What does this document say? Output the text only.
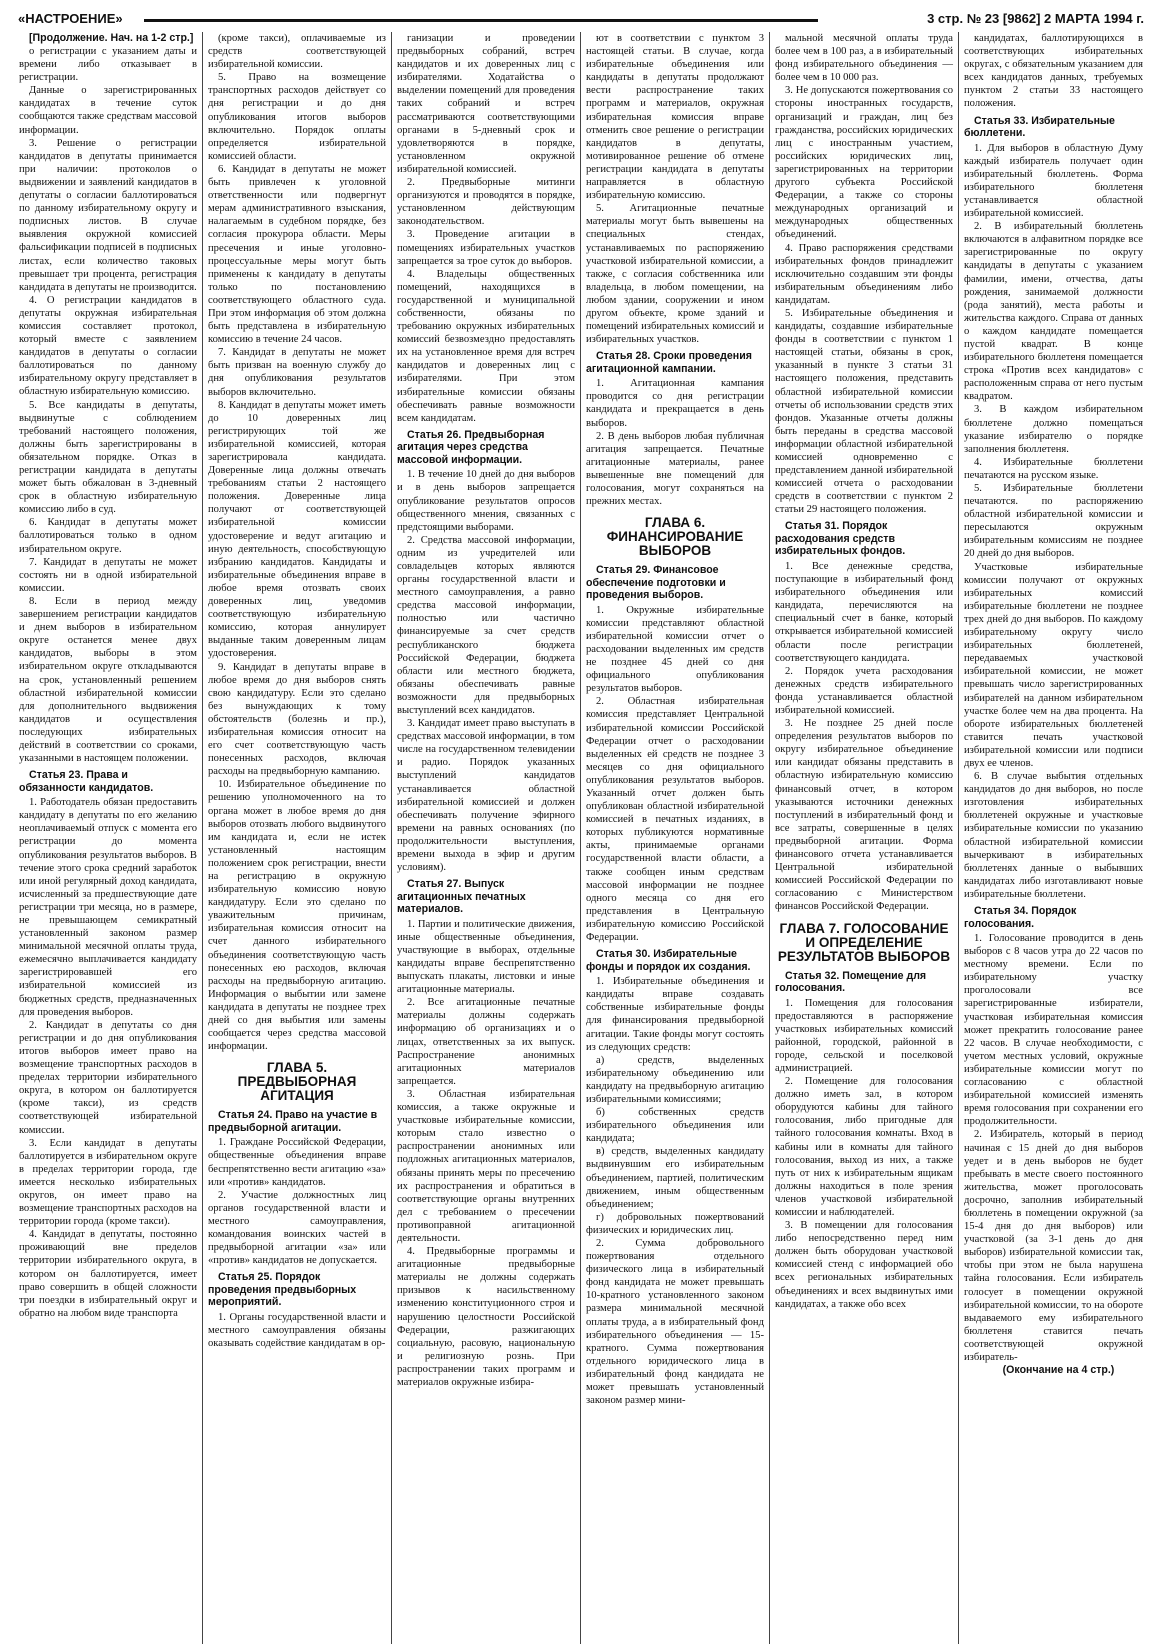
«НАСТРОЕНИЕ»	3 стр. № 23 [9862] 2 МАРТА 1994 г.

[Продолжение. Нач. на 1-2 стр.]

о регистрации с указанием даты и времени либо отказывает в регистрации.

Данные о зарегистрированных кандидатах в течение суток сообщаются также средствам массовой информации.

3. Решение о регистрации кандидатов в депутаты принимается при наличии: протоколов о выдвижении и заявлений кандидатов в депутаты о согласии баллотироваться по данному избирательному округу и подписных листов. В случае выявления окружной комиссией фальсификации подписей в подписных листах, если количество таковых превышает три процента, регистрация кандидата в депутаты не производится.

4. О регистрации кандидатов в депутаты окружная избирательная комиссия составляет протокол, который вместе с заявлением кандидатов в депутаты о согласии баллотироваться по данному избирательному округу представляет в областную избирательную комиссию.

5. Все кандидаты в депутаты, выдвинутые с соблюдением требований настоящего положения, должны быть зарегистрированы в обязательном порядке. Отказ в регистрации кандидата в депутаты может быть обжалован в 3-дневный срок в областную избирательную комиссию либо в суд.

6. Кандидат в депутаты может баллотироваться только в одном избирательном округе.

7. Кандидат в депутаты не может состоять ни в одной избирательной комиссии.

8. Если в период между завершением регистрации кандидатов и днем выборов в избирательном округе останется менее двух кандидатов, выборы в этом избирательном округе откладываются на срок, установленный решением областной избирательной комиссии для дополнительного выдвижения кандидатов и осуществления последующих избирательных действий в соответствии со сроками, указанными в настоящем положении.

Статья 23. Права и обязанности кандидатов.

1. Работодатель обязан предоставить кандидату в депутаты по его желанию неоплачиваемый отпуск с момента его регистрации до момента опубликования результатов выборов. В течение этого срока средний заработок или иной регулярный доход кандидата, исчисленный за предшествующие дате регистрации три месяца, но в размере, не превышающем семикратный установленный законом размер минимальной месячной оплаты труда, ежемесячно выплачивается кандидату зарегистрировавшей его избирательной комиссией из бюджетных средств, предназначенных для проведения выборов.

2. Кандидат в депутаты со дня регистрации и до дня опубликования итогов выборов имеет право на возмещение транспортных расходов в пределах территории избирательного округа, в котором он баллотируется (кроме такси), из средств соответствующей избирательной комиссии.

3. Если кандидат в депутаты баллотируется в избирательном округе в пределах территории города, где имеется несколько избирательных округов, он имеет право на возмещение транспортных расходов на территории города (кроме такси).

4. Кандидат в депутаты, постоянно проживающий вне пределов территории избирательного округа, в котором он баллотируется, имеет право совершить в общей сложности три поездки в избирательный округ и обратно на любом виде транспорта

(кроме такси), оплачиваемые из средств соответствующей избирательной комиссии.

5. Право на возмещение транспортных расходов действует со дня регистрации и до дня опубликования итогов выборов включительно. Порядок оплаты определяется избирательной комиссией области.

6. Кандидат в депутаты не может быть привлечен к уголовной ответственности или подвергнут мерам административного взыскания, налагаемым в судебном порядке, без согласия прокурора области. Меры пресечения и иные уголовно-процессуальные меры могут быть применены к кандидату в депутаты только по постановлению соответствующего областного суда. При этом информация об этом должна быть представлена в избирательную комиссию в течение 24 часов.

7. Кандидат в депутаты не может быть призван на военную службу до дня опубликования результатов выборов включительно.

8. Кандидат в депутаты может иметь до 10 доверенных лиц регистрирующих той же избирательной комиссией, которая зарегистрировала кандидата. Доверенные лица должны отвечать требованиям статьи 2 настоящего положения. Доверенные лица получают от соответствующей избирательной комиссии удостоверение и ведут агитацию и иную деятельность, способствующую избранию кандидатов. Кандидаты и избирательные объединения вправе в любое время отозвать своих доверенных лиц, уведомив соответствующую избирательную комиссию, которая аннулирует выданные таким доверенным лицам удостоверения.

9. Кандидат в депутаты вправе в любое время до дня выборов снять свою кандидатуру. Если это сделано без вынуждающих к тому обстоятельств (болезнь и пр.), избирательная комиссия относит на его счет соответствующую часть понесенных расходов, включая расходы на предвыборную кампанию.

10. Избирательное объединение по решению уполномоченного на то органа может в любое время до дня выборов отозвать любого выдвинутого им кандидата и, если не истек установленный настоящим положением срок регистрации, внести на регистрацию в окружную избирательную комиссию новую кандидатуру. Если это сделано по уважительным причинам, избирательная комиссия относит на счет данного избирательного объединения соответствующую часть понесенных ею расходов, включая расходы на предвыборную агитацию. Информация о выбытии или замене кандидата в депутаты не позднее трех дней со дня выбытия или замены сообщается через средства массовой информации.

ГЛАВА 5. ПРЕДВЫБОРНАЯ АГИТАЦИЯ
Статья 24. Право на участие в предвыборной агитации.

1. Граждане Российской Федерации, общественные объединения вправе беспрепятственно вести агитацию «за» или «против» кандидатов.

2. Участие должностных лиц органов государственной власти и местного самоуправления, командования воинских частей в предвыборной агитации «за» или «против» кандидатов не допускается.

Статья 25. Порядок проведения предвыборных мероприятий.

1. Органы государственной власти и местного самоуправления обязаны оказывать содействие кандидатам в ор-

ганизации и проведении предвыборных собраний, встреч кандидатов и их доверенных лиц с избирателями. Ходатайства о выделении помещений для проведения таких собраний и встреч рассматриваются соответствующими органами в 5-дневный срок и удовлетворяются в порядке, установленном окружной избирательной комиссией.

2. Предвыборные митинги организуются и проводятся в порядке, установленном действующим законодательством.

3. Проведение агитации в помещениях избирательных участков запрещается за трое суток до выборов.

4. Владельцы общественных помещений, находящихся в государственной и муниципальной собственности, обязаны по требованию окружных избирательных комиссий безвозмездно предоставлять их на установленное время для встреч кандидатов и доверенных лиц с избирателями. При этом избирательные комиссии обязаны обеспечивать равные возможности всем кандидатам.

Статья 26. Предвыборная агитация через средства массовой информации.

1. В течение 10 дней до дня выборов и в день выборов запрещается опубликование результатов опросов общественного мнения, связанных с предстоящими выборами.

2. Средства массовой информации, одним из учредителей или совладельцев которых являются органы государственной власти и местного самоуправления, а равно средства массовой информации, полностью или частично финансируемые за счет средств республиканского бюджета Российской Федерации, бюджета области или местного бюджета, обязаны обеспечивать равные возможности для предвыборных выступлений всех кандидатов.

3. Кандидат имеет право выступать в средствах массовой информации, в том числе на государственном телевидении и радио. Порядок указанных выступлений кандидатов устанавливается областной избирательной комиссией и должен обеспечивать получение эфирного времени на равных основаниях (по продолжительности выступления, времени выхода в эфир и другим условиям).

Статья 27. Выпуск агитационных печатных материалов.

1. Партии и политические движения, иные общественные объединения, участвующие в выборах, отдельные кандидаты вправе беспрепятственно выпускать плакаты, листовки и иные агитационные материалы.

2. Все агитационные печатные материалы должны содержать информацию об организациях и о лицах, ответственных за их выпуск. Распространение анонимных агитационных материалов запрещается.

3. Областная избирательная комиссия, а также окружные и участковые избирательные комиссии, которым стало известно о распространении анонимных или подложных агитационных материалов, обязаны принять меры по пресечению их распространения и обратиться в соответствующие органы внутренних дел с требованием о пресечении противоправной агитационной деятельности.

4. Предвыборные программы и агитационные предвыборные материалы не должны содержать призывов к насильственному изменению конституционного строя и нарушению целостности Российской Федерации, разжигающих социальную, расовую, национальную и религиозную рознь. При распространении таких программ и материалов окружные избира-

ют в соответствии с пунктом 3 настоящей статьи. В случае, когда избирательные объединения или кандидаты в депутаты продолжают вести распространение таких программ и материалов, окружная избирательная комиссия вправе отменить свое решение о регистрации кандидатов в депутаты, мотивированное решение об отмене регистрации кандидата в депутаты направляется в областную избирательную комиссию.

5. Агитационные печатные материалы могут быть вывешены на специальных стендах, устанавливаемых по распоряжению участковой избирательной комиссии, а также, с согласия собственника или владельца, в любом помещении, на любом здании, сооружении и ином другом объекте, кроме зданий и помещений избирательных комиссий и избирательных участков.

Статья 28. Сроки проведения агитационной кампании.

1. Агитационная кампания проводится со дня регистрации кандидата и прекращается в день выборов.

2. В день выборов любая публичная агитация запрещается. Печатные агитационные материалы, ранее вывешенные вне помещений для голосования, могут сохраняться на прежних местах.

ГЛАВА 6. ФИНАНСИРОВАНИЕ ВЫБОРОВ
Статья 29. Финансовое обеспечение подготовки и проведения выборов.

1. Окружные избирательные комиссии представляют областной избирательной комиссии отчет о расходовании выделенных им средств не позднее 45 дней со дня официального опубликования результатов выборов.

2. Областная избирательная комиссия представляет Центральной избирательной комиссии Российской Федерации отчет о расходовании выделенных ей средств не позднее 3 месяцев со дня официального опубликования результатов выборов. Указанный отчет должен быть опубликован областной избирательной комиссией в печатных изданиях, в которых публикуются нормативные акты, принимаемые органами государственной власти области, а также сообщен иным средствам массовой информации не позднее одного месяца со дня его представления в Центральную избирательную комиссию Российской Федерации.

Статья 30. Избирательные фонды и порядок их создания.

1. Избирательные объединения и кандидаты вправе создавать собственные избирательные фонды для финансирования предвыборной агитации. Такие фонды могут состоять из следующих средств:

а) средств, выделенных избирательному объединению или кандидату на предвыборную агитацию избирательными комиссиями;

б) собственных средств избирательного объединения или кандидата;

в) средств, выделенных кандидату выдвинувшим его избирательным объединением, партией, политическим движением, иным общественным объединением;

г) добровольных пожертвований физических и юридических лиц.

2. Сумма добровольного пожертвования отдельного физического лица в избирательный фонд кандидата не может превышать 10-кратного установленного законом размера минимальной месячной оплаты труда, а в избирательный фонд избирательного объединения — 15-кратного. Сумма пожертвования отдельного юридического лица в избирательный фонд кандидата не может превышать установленный законом размер мини-

мальной месячной оплаты труда более чем в 100 раз, а в избирательный фонд избирательного объединения — более чем в 10 000 раз.

3. Не допускаются пожертвования со стороны иностранных государств, организаций и граждан, лиц без гражданства, российских юридических лиц с иностранным участием, российских юридических лиц, зарегистрированных на территории другого субъекта Российской Федерации, а также со стороны международных организаций и международных общественных объединений.

4. Право распоряжения средствами избирательных фондов принадлежит исключительно создавшим эти фонды избирательным объединениям либо кандидатам.

5. Избирательные объединения и кандидаты, создавшие избирательные фонды в соответствии с пунктом 1 настоящей статьи, обязаны в срок, указанный в пункте 3 статьи 31 настоящего положения, представить областной избирательной комиссии отчеты об использовании средств этих фондов. Указанные отчеты должны быть переданы в средства массовой информации областной избирательной комиссией одновременно с представлением данной избирательной комиссией отчета о расходовании средств в соответствии с пунктом 2 статьи 29 настоящего положения.

Статья 31. Порядок расходования средств избирательных фондов.

1. Все денежные средства, поступающие в избирательный фонд избирательного объединения или кандидата, перечисляются на специальный счет в банке, который открывается избирательной комиссией области после регистрации соответствующего кандидата.

2. Порядок учета расходования денежных средств избирательного фонда устанавливается областной избирательной комиссией.

3. Не позднее 25 дней после определения результатов выборов по округу избирательное объединение или кандидат обязаны представить в областную избирательную комиссию финансовый отчет, в котором указываются источники денежных поступлений в избирательный фонд и все затраты, совершенные в целях предвыборной агитации. Форма финансового отчета устанавливается Центральной избирательной комиссией Российской Федерации по согласованию с Министерством финансов Российской Федерации.

ГЛАВА 7. ГОЛОСОВАНИЕ И ОПРЕДЕЛЕНИЕ РЕЗУЛЬТАТОВ ВЫБОРОВ
Статья 32. Помещение для голосования.

1. Помещения для голосования предоставляются в распоряжение участковых избирательных комиссий районной, городской, районной в городе, сельской и поселковой администрацией.

2. Помещение для голосования должно иметь зал, в котором оборудуются кабины для тайного голосования, либо пригодные для тайного голосования комнаты. Вход в кабины или в комнаты для тайного голосования, выход из них, а также путь от них к избирательным ящикам должны находиться в поле зрения членов участковой избирательной комиссии и наблюдателей.

3. В помещении для голосования либо непосредственно перед ним должен быть оборудован участковой комиссией стенд с информацией обо всех региональных избирательных объединениях и всех выдвинутых ими кандидатах, а также обо всех

кандидатах, баллотирующихся в соответствующих избирательных округах, с обязательным указанием для всех кандидатов данных, требуемых пунктом 2 статьи 33 настоящего положения.

Статья 33. Избирательные бюллетени.

1. Для выборов в областную Думу каждый избиратель получает один избирательный бюллетень. Форма избирательного бюллетеня устанавливается областной избирательной комиссией.

2. В избирательный бюллетень включаются в алфавитном порядке все зарегистрированные по округу кандидаты в депутаты с указанием фамилии, имени, отчества, даты рождения, занимаемой должности (рода занятий), места работы и жительства каждого. Справа от данных о каждом кандидате помещается пустой квадрат. В конце избирательного бюллетеня помещается строка «Против всех кандидатов» с расположенным справа от него пустым квадратом.

3. В каждом избирательном бюллетене должно помещаться указание избирателю о порядке заполнения бюллетеня.

4. Избирательные бюллетени печатаются на русском языке.

5. Избирательные бюллетени печатаются. по распоряжению областной избирательной комиссии и пересылаются окружным избирательным комиссиям не позднее 20 дней до дня выборов.

Участковые избирательные комиссии получают от окружных избирательных комиссий избирательные бюллетени не позднее трех дней до дня выборов. По каждому избирательному округу число избирательных бюллетеней, передаваемых участковой избирательной комиссии, не может превышать число зарегистрированных избирателей на данном избирательном участке более чем на два процента. На обороте избирательных бюллетеней ставится печать участковой избирательной комиссии или подписи двух ее членов.

6. В случае выбытия отдельных кандидатов до дня выборов, но после изготовления избирательных бюллетеней окружные и участковые избирательные комиссии по указанию областной избирательной комиссии вычеркивают в избирательных бюллетенях данные о выбывших кандидатах либо изготавливают новые избирательные бюллетени.

Статья 34. Порядок голосования.

1. Голосование проводится в день выборов с 8 часов утра до 22 часов по местному времени. Если по избирательному участку проголосовали все зарегистрированные избиратели, участковая избирательная комиссия может прекратить голосование ранее 22 часов. В случае необходимости, с учетом местных условий, окружные избирательные комиссии могут по согласованию с областной избирательной комиссией изменять время голосования при сохранении его продолжительности.

2. Избиратель, который в период начиная с 15 дней до дня выборов уедет и в день выборов не будет пребывать в месте своего постоянного жительства, может проголосовать досрочно, заполнив избирательный бюллетень в помещении окружной (за 15-4 дня до дня выборов) или участковой (за 3-1 день до дня выборов) избирательной комиссии так, чтобы при этом не была нарушена тайна голосования. Если избиратель голосует в помещении окружной избирательной комиссии, то на обороте выдаваемого ему избирательного бюллетеня ставится печать соответствующей окружной избиратель-

(Окончание на 4 стр.)
